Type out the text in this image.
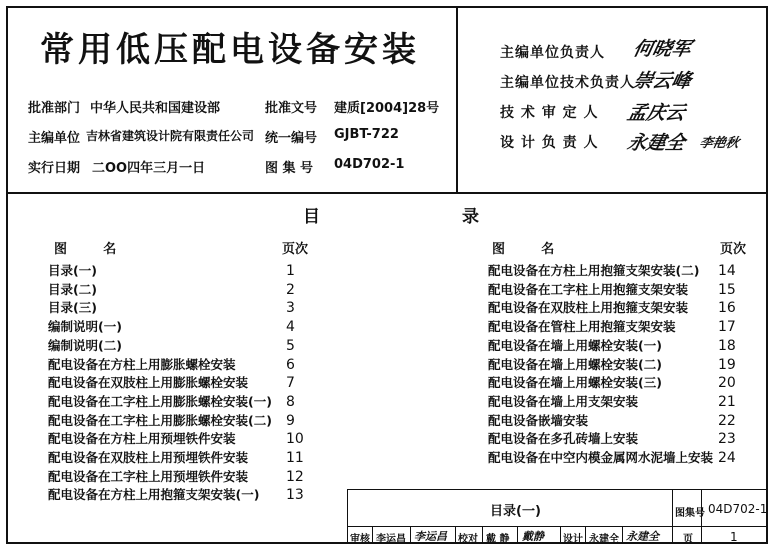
常用低压配电设备安装
批准部门 中华人民共和国建设部	批准文号 建质[2004]28号
主编单位 吉林省建筑设计院有限责任公司 统一编号 GJBT-722
实行日期 二OO四年三月一日	图 集 号 04D702-1
主编单位负责人 何晓军
主编单位技术负责人
崇云峰
技 术 审 定 人 孟庆云
设 计 负 责 人 永建全 李艳秋
目	录
图        名	页次	图        名	页次
目录(一)	1
目录(二)	2
目录(三)	3
编制说明(一)	4
编制说明(二)	5
配电设备在方柱上用膨胀螺栓安装	6
配电设备在双肢柱上用膨胀螺栓安装	7
配电设备在工字柱上用膨胀螺栓安装(一) 8
配电设备在工字柱上用膨胀螺栓安装(二) 9
配电设备在方柱上用预埋铁件安装	10
配电设备在双肢柱上用预埋铁件安装	11
配电设备在工字柱上用预埋铁件安装	12
配电设备在方柱上用抱箍支架安装(一) 13
配电设备在方柱上用抱箍支架安装(二) 14
配电设备在工字柱上用抱箍支架安装 15
配电设备在双肢柱上用抱箍支架安装 16
配电设备在管柱上用抱箍支架安装	17
配电设备在墙上用螺栓安装(一)	18
配电设备在墙上用螺栓安装(二)	19
配电设备在墙上用螺栓安装(三)	20
配电设备在墙上用支架安装	21
配电设备嵌墙安装	22
配电设备在多孔砖墙上安装	23
配电设备在中空内模金属网水泥墙上安装 24
目录(一)	图集号 04D702-1
审核 李运昌 李运昌 校对 戴 静 戴静 设计 永建全 永建全 页	1
